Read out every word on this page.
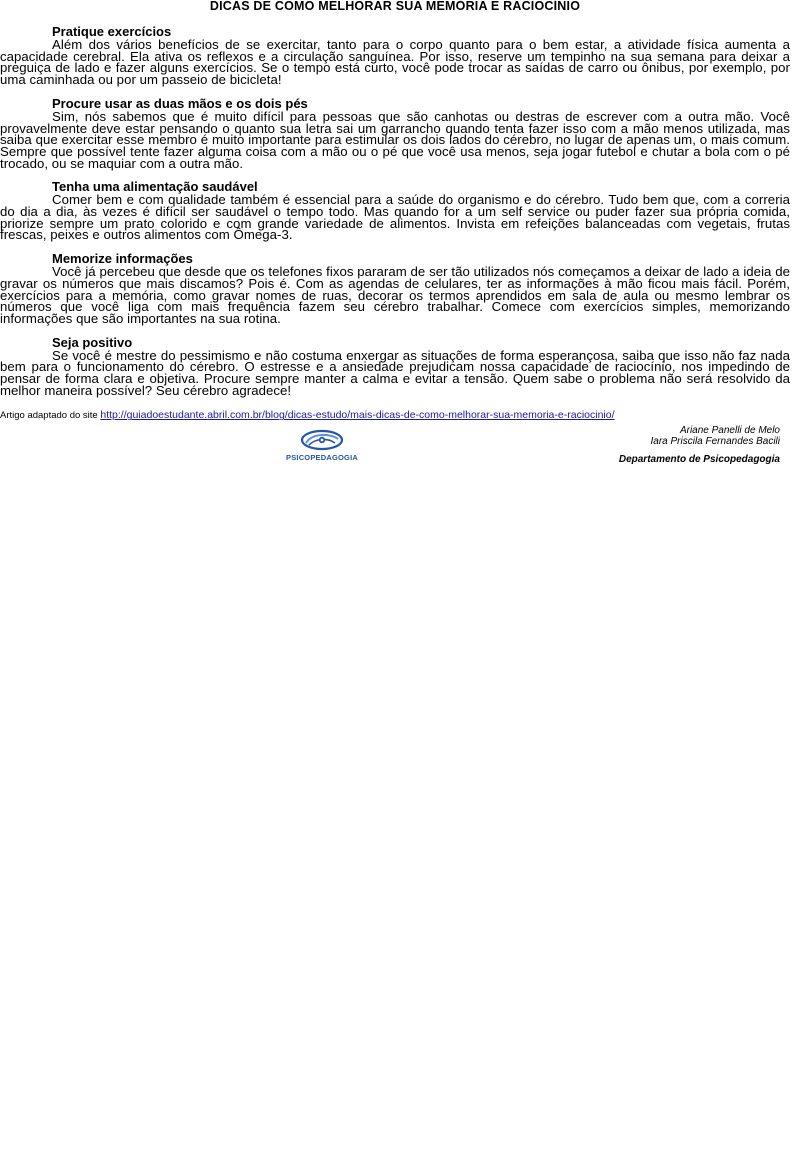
DICAS DE COMO MELHORAR SUA MEMÓRIA E RACIOCÍNIO
Pratique exercícios

Além dos vários benefícios de se exercitar, tanto para o corpo quanto para o bem estar, a atividade física aumenta a capacidade cerebral. Ela ativa os reflexos e a circulação sanguínea. Por isso, reserve um tempinho na sua semana para deixar a preguiça de lado e fazer alguns exercícios. Se o tempo está curto, você pode trocar as saídas de carro ou ônibus, por exemplo, por uma caminhada ou por um passeio de bicicleta!

Procure usar as duas mãos e os dois pés

Sim, nós sabemos que é muito difícil para pessoas que são canhotas ou destras de escrever com a outra mão. Você provavelmente deve estar pensando o quanto sua letra sai um garrancho quando tenta fazer isso com a mão menos utilizada, mas saiba que exercitar esse membro é muito importante para estimular os dois lados do cérebro, no lugar de apenas um, o mais comum. Sempre que possível tente fazer alguma coisa com a mão ou o pé que você usa menos, seja jogar futebol e chutar a bola com o pé trocado, ou se maquiar com a outra mão.

Tenha uma alimentação saudável

Comer bem e com qualidade também é essencial para a saúde do organismo e do cérebro. Tudo bem que, com a correria do dia a dia, às vezes é difícil ser saudável o tempo todo. Mas quando for a um self service ou puder fazer sua própria comida, priorize sempre um prato colorido e com grande variedade de alimentos. Invista em refeições balanceadas com vegetais, frutas frescas, peixes e outros alimentos com Ômega-3.

Memorize informações

Você já percebeu que desde que os telefones fixos pararam de ser tão utilizados nós começamos a deixar de lado a ideia de gravar os números que mais discamos? Pois é. Com as agendas de celulares, ter as informações à mão ficou mais fácil. Porém, exercícios para a memória, como gravar nomes de ruas, decorar os termos aprendidos em sala de aula ou mesmo lembrar os números que você liga com mais frequência fazem seu cérebro trabalhar. Comece com exercícios simples, memorizando informações que são importantes na sua rotina.

Seja positivo

Se você é mestre do pessimismo e não costuma enxergar as situações de forma esperançosa, saiba que isso não faz nada bem para o funcionamento do cérebro. O estresse e a ansiedade prejudicam nossa capacidade de raciocínio, nos impedindo de pensar de forma clara e objetiva. Procure sempre manter a calma e evitar a tensão. Quem sabe o problema não será resolvido da melhor maneira possível? Seu cérebro agradece!

Artigo adaptado do site http://guiadoestudante.abril.com.br/blog/dicas-estudo/mais-dicas-de-como-melhorar-sua-memoria-e-raciocinio/
PSICOPEDAGOGIA
Ariane Panelli de Melo
Iara Priscila Fernandes Bacili
Departamento de Psicopedagogia
